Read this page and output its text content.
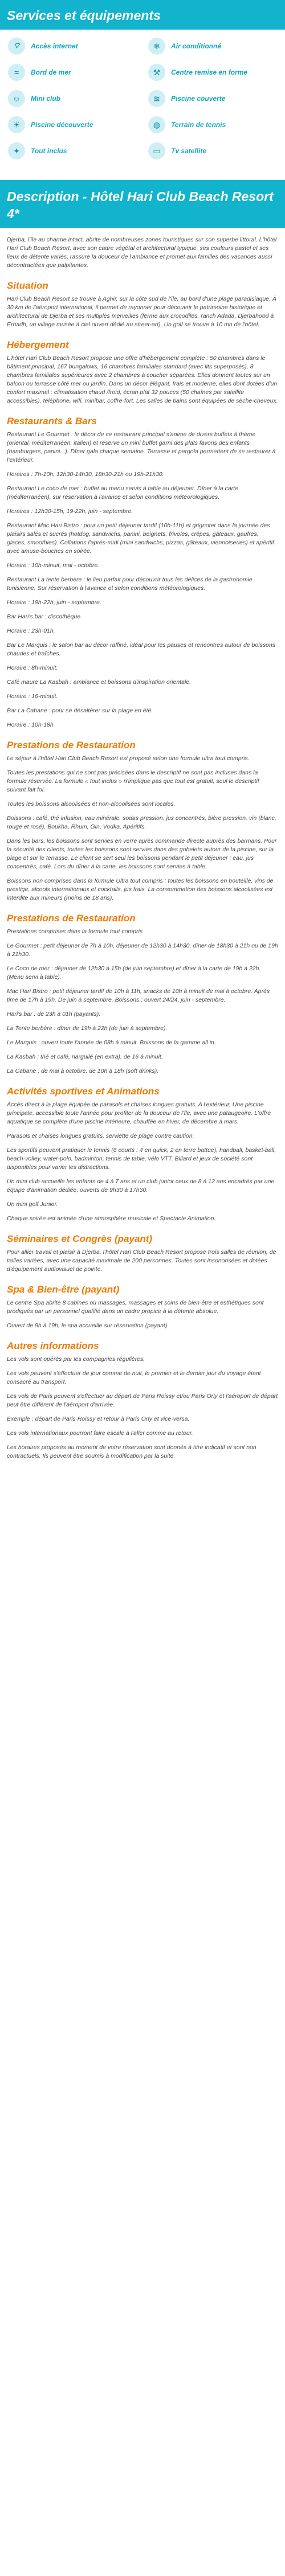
Services et équipements
⌔	Accès internet	❄	Air conditionné
≈	Bord de mer	⚒	Centre remise en forme
☺	Mini club	≋	Piscine couverte
☀	Piscine découverte	◍	Terrain de tennis
✦	Tout inclus	▭	Tv satellite
Description - Hôtel Hari Club Beach Resort 4*

Djerba, l'île au charme intact, abrite de nombreuses zones touristiques sur son superbe littoral. L'hôtel Hari Club Beach Resort, avec son cadre végétal et architectural typique, ses couleurs pastel et ses lieux de détente variés, rassure la douceur de l'ambiance et promet aux familles des vacances aussi décontractées que palpitantes.

Situation

Hari Club Beach Resort se trouve à Aghir, sur la côte sud de l'île, au bord d'une plage paradisiaque. À 30 km de l'aéroport international, il permet de rayonner pour découvrir le patrimoine historique et architectural de Djerba et ses multiples merveilles (ferme aux crocodiles, ranch Adada, Djerbahood à Erriadh, un village musée à ciel ouvert dédié au street-art). Un golf se trouve à 10 mn de l'hôtel.

Hébergement

L'hôtel Hari Club Beach Resort propose une offre d'hébergement complète : 50 chambres dans le bâtiment principal, 167 bungalows, 16 chambres familiales standard (avec lits superposés), 8 chambres familiales supérieures avec 2 chambres à coucher séparées. Elles donnent toutes sur un balcon ou terrasse côté mer ou jardin. Dans un décor élégant, frais et moderne, elles dont dotées d'un confort maximal : climatisation chaud /froid, écran plat 32 pouces (50 chaînes par satellite accessibles), téléphone, wifi, minibar, coffre-fort. Les salles de bains sont équipées de sèche-cheveux.

Restaurants & Bars

Restaurant Le Gourmet : le décor de ce restaurant principal s'anime de divers buffets à thème (oriental, méditerranéen, italien) et réserve un mini buffet garni des plats favoris des enfants (hamburgers, panini...). Dîner gala chaque semaine. Terrasse et pergola permettent de se restaurer à l'extérieur.

Horaires : 7h-10h, 12h30-14h30, 18h30-21h ou 19h-21h30.

Restaurant Le coco de mer : buffet au menu servis à table au déjeuner. Dîner à la carte (méditerranéen), sur réservation à l'avance et selon conditions météorologiques.

Horaires : 12h30-15h, 19-22h, juin - septembre.

Restaurant Mac Hari Bistro : pour un petit déjeuner tardif (10h-11h) et grignoter dans la journée des plaisirs salés et sucrés (hotdog, sandwichs, panini, beignets, frivoles, crêpes, gâteaux, gaufres, glaces, smoothies). Collations l'après-midi (mini sandwichs, pizzas, gâteaux, viennoiseries) et apéritif avec amuse-bouches en soirée.

Horaire : 10h-minuit, mai - octobre.

Restaurant La tente berbère : le lieu parfait pour découvrir tous les délices de la gastronomie tunisienne. Sur réservation à l'avance et selon conditions météorologiques.

Horaire : 19h-22h, juin - septembre.

Bar Hari's bar : discothèque.

Horaire : 23h-01h.

Bar Le Marquis : le salon bar au décor raffiné, idéal pour les pauses et rencontres autour de boissons chaudes et fraîches.

Horaire : 8h-minuit.

Café maure La Kasbah : ambiance et boissons d'inspiration orientale.

Horaire : 16-minuit.

Bar La Cabane : pour se désaltérer sur la plage en été.

Horaire : 10h-18h

Prestations de Restauration

Le séjour à l'hôtel Hari Club Beach Resort est proposé selon une formule ultra tout compris.

Toutes les prestations qui ne sont pas précisées dans le descriptif ne sont pas incluses dans la formule réservée. La formule « tout inclus » n'implique pas que tout est gratuit, seul le descriptif suivant fait foi.

Toutes les boissons alcoolisées et non-alcoolisées sont locales.

Boissons : café, thé infusion, eau minérale, sodas pression, jus concentrés, bière pression, vin (blanc, rouge et rosé), Boukha, Rhum, Gin, Vodka, Apéritifs.

Dans les bars, les boissons sont servies en verre après commande directe auprès des barmans. Pour la sécurité des clients, toutes les boissons sont servies dans des gobelets autour de la piscine, sur la plage et sur le terrasse. Le client se sert seul les boissons pendant le petit déjeuner : eau, jus concentrés, café. Lors du dîner à la carte, les boissons sont servies à table.

Boissons non comprises dans la formule Ultra tout compris : toutes les boissons en bouteille, vins de prestige, alcools internationaux et cocktails, jus frais. La consommation des boissons alcoolisées est interdite aux mineurs (moins de 18 ans).

Prestations de Restauration

Prestations comprises dans la formule tout compris

Le Gourmet : petit déjeuner de 7h à 10h, déjeuner de 12h30 à 14h30, dîner de 18h30 à 21h ou de 19h à 21h30.

Le Coco de mer : déjeuner de 12h30 à 15h (de juin septembre) et dîner à la carte de 19h à 22h. (Menu servi à table).

Mac Hari Bistro : petit déjeuner tardif de 10h à 11h, snacks de 10h à minuit de mai à octobre. Après time de 17h à 19h. De juin à septembre. Boissons : ouvert 24/24, juin - septembre.

Hari's bar : de 23h à 01h (payants).

La Tente berbère : dîner de 19h à 22h (de juin à septembre).

Le Marquis : ouvert toute l'année de 08h à minuit. Boissons de la gamme all in.

La Kasbah : thé et café, narguilé (en extra), de 16 à minuit.

La Cabane : de mai à octobre, de 10h à 18h (soft drinks).

Activités sportives et Animations

Accès direct à la plage équipée de parasols et chaises longues gratuits. A l'extérieur, Une piscine principale, accessible toute l'année pour profiter de la douceur de l'île, avec une pataugeoire. L'offre aquatique se complète d'une piscine intérieure, chauffée en hiver, de décembre à mars.

Parasols et chaises longues gratuits, serviette de plage contre caution.

Les sportifs peuvent pratiquer le tennis (6 courts : 4 en quick, 2 en terre battue), handball, basket-ball, beach-volley, water-polo, badminton, tennis de table, vélo VTT. Billard et jeux de société sont disponibles pour varier les distractions.

Un mini club accueille les enfants de 4 à 7 ans et un club junior ceux de 8 à 12 ans encadrés par une équipe d'animation dédiée, ouverts de 9h30 à 17h30.

Un mini golf Junior.

Chaque soirée est animée d'une atmosphère musicale et Spectacle Animation.

Séminaires et Congrès (payant)

Pour allier travail et plaisir à Djerba, l'hôtel Hari Club Beach Resort propose trois salles de réunion, de tailles variées, avec une capacité maximale de 200 personnes. Toutes sont insonorisées et dotées d'équipement audiovisuel de pointe.

Spa & Bien-être (payant)

Le centre Spa abrite 8 cabines où massages, massages et soins de bien-être et esthétiques sont prodigués par un personnel qualifié dans un cadre propice à la détente absolue.

Ouvert de 9h à 19h, le spa accueille sur réservation (payant).

Autres informations

Les vols sont opérés par les compagnies régulières.

Les vols peuvent s'effectuer de jour comme de nuit, le premier et le dernier jour du voyage étant consacré au transport.

Les vols de Paris peuvent s'effectuer au départ de Paris Roissy et/ou Paris Orly et l'aéroport de départ peut être différent de l'aéroport d'arrivée.

Exemple : départ de Paris Roissy et retour à Paris Orly et vice-versa.

Les vols internationaux pourront faire escale à l'aller comme au retour.

Les horaires proposés au moment de votre réservation sont donnés à titre indicatif et sont non contractuels. Ils peuvent être soumis à modification par la suite.
